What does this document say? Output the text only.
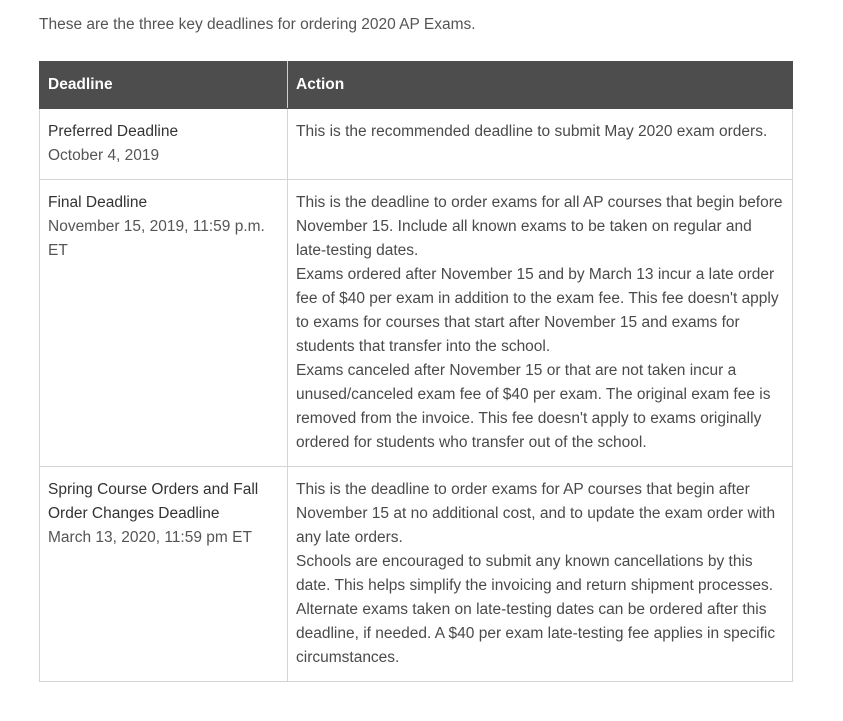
These are the three key deadlines for ordering 2020 AP Exams.

Deadline	Action

Preferred Deadline
October 4, 2019	This is the recommended deadline to submit May 2020 exam orders.

Final Deadline
November 15, 2019, 11:59 p.m. ET	This is the deadline to order exams for all AP courses that begin before November 15. Include all known exams to be taken on regular and late-testing dates.
Exams ordered after November 15 and by March 13 incur a late order fee of $40 per exam in addition to the exam fee. This fee doesn't apply to exams for courses that start after November 15 and exams for students that transfer into the school.
Exams canceled after November 15 or that are not taken incur a unused/canceled exam fee of $40 per exam. The original exam fee is removed from the invoice. This fee doesn't apply to exams originally ordered for students who transfer out of the school.

Spring Course Orders and Fall Order Changes Deadline
March 13, 2020, 11:59 pm ET	This is the deadline to order exams for AP courses that begin after November 15 at no additional cost, and to update the exam order with any late orders.
Schools are encouraged to submit any known cancellations by this date. This helps simplify the invoicing and return shipment processes.
Alternate exams taken on late-testing dates can be ordered after this deadline, if needed. A $40 per exam late-testing fee applies in specific circumstances.
